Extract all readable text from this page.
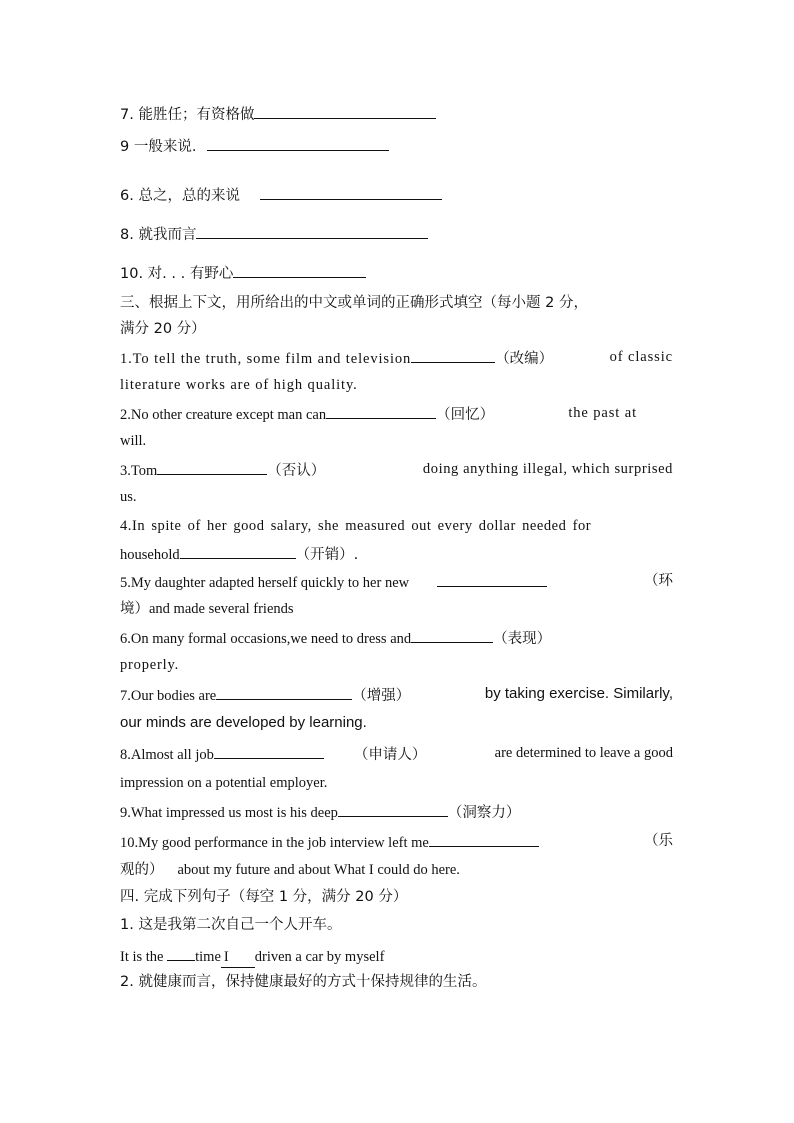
7. 能胜任；有资格做
9 一般来说.
6. 总之，总的来说
8. 就我而言
10. 对. . . 有野心
三、根据上下文，用所给出的中文或单词的正确形式填空（每小题 2 分，
满分 20 分）
1.To tell the truth, some film and television	（改编）	of classic
literature works are of high quality.
2.No other creature except man can	（回忆）	the past at
will.
3.Tom	（否认）	doing anything illegal, which surprised
us.
4.In spite of her good salary, she measured out every dollar needed for
household	（开销）.
5.My daughter adapted herself quickly to her new	（环
境）and made several friends
6.On many formal occasions,we need to dress and	（表现）
properly.
7.Our bodies are	（增强）	by taking exercise. Similarly,
our minds are developed by learning.
8.Almost all job	（申请人）	are determined to leave a good
impression on a potential employer.
9.What impressed us most is his deep	（洞察力）
10.My good performance in the job interview left me	（乐
观的） about my future and about What I could do here.
四. 完成下列句子（每空 1 分，满分 20 分）
1. 这是我第二次自己一个人开车。
It is the time I driven a car by myself
2. 就健康而言，保持健康最好的方式十保持规律的生活。
